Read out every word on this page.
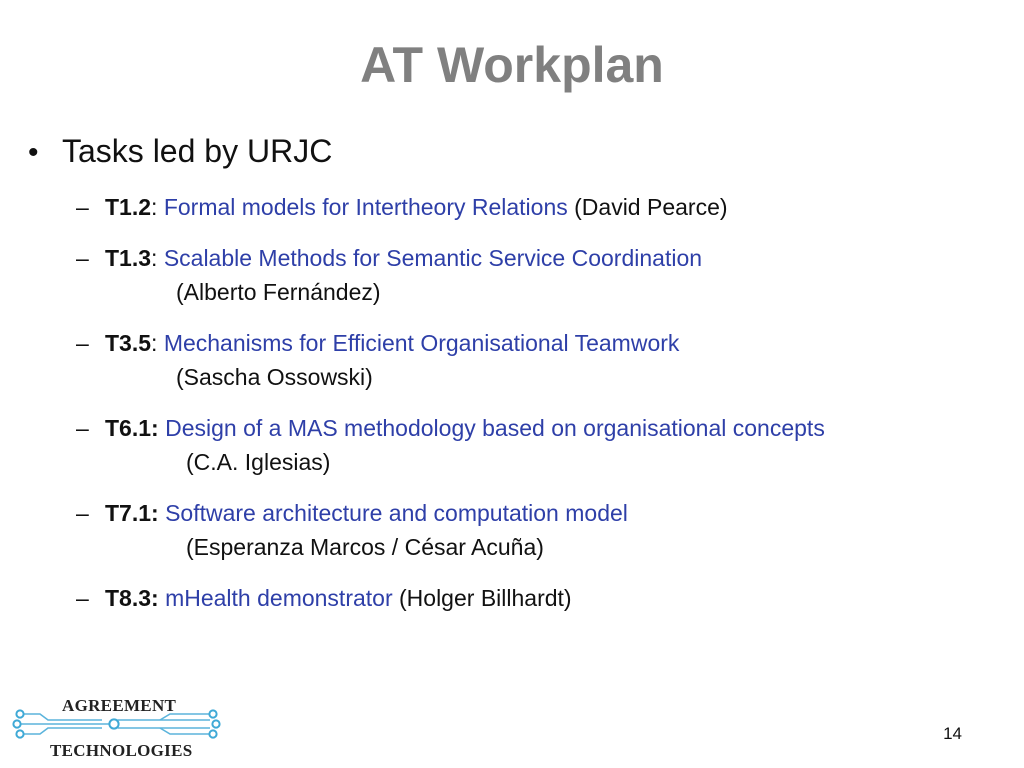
AT Workplan
• Tasks led by URJC
– T1.2: Formal models for Intertheory Relations (David Pearce)
– T1.3: Scalable Methods for Semantic Service Coordination
(Alberto Fernández)
– T3.5: Mechanisms for Efficient Organisational Teamwork
(Sascha Ossowski)
– T6.1: Design of a MAS methodology based on organisational concepts
(C.A. Iglesias)
– T7.1: Software architecture and computation model
(Esperanza Marcos / César Acuña)
– T8.3: mHealth demonstrator (Holger Billhardt)
AGREEMENT
TECHNOLOGIES
14
